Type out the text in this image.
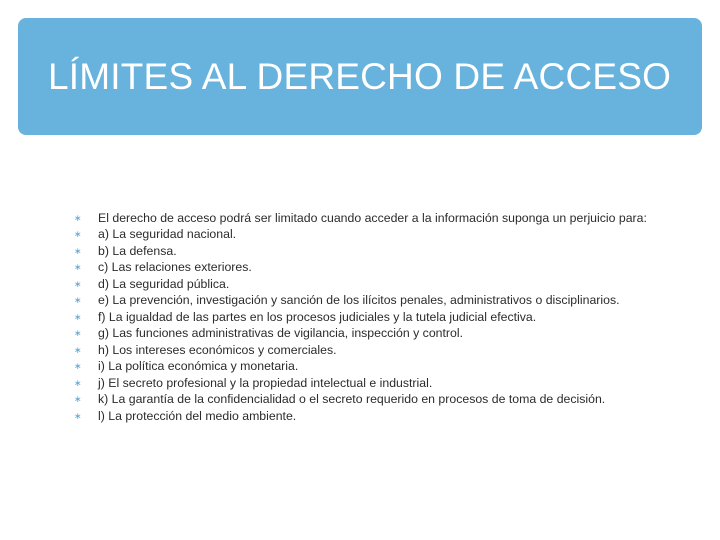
LÍMITES AL DERECHO DE ACCESO
∗ El derecho de acceso podrá ser limitado cuando acceder a la información suponga un perjuicio para:
∗ a) La seguridad nacional.
∗ b) La defensa.
∗ c) Las relaciones exteriores.
∗ d) La seguridad pública.
∗ e) La prevención, investigación y sanción de los ilícitos penales, administrativos o disciplinarios.
∗ f) La igualdad de las partes en los procesos judiciales y la tutela judicial efectiva.
∗ g) Las funciones administrativas de vigilancia, inspección y control.
∗ h) Los intereses económicos y comerciales.
∗ i) La política económica y monetaria.
∗ j) El secreto profesional y la propiedad intelectual e industrial.
∗ k) La garantía de la confidencialidad o el secreto requerido en procesos de toma de decisión.
∗ l) La protección del medio ambiente.
